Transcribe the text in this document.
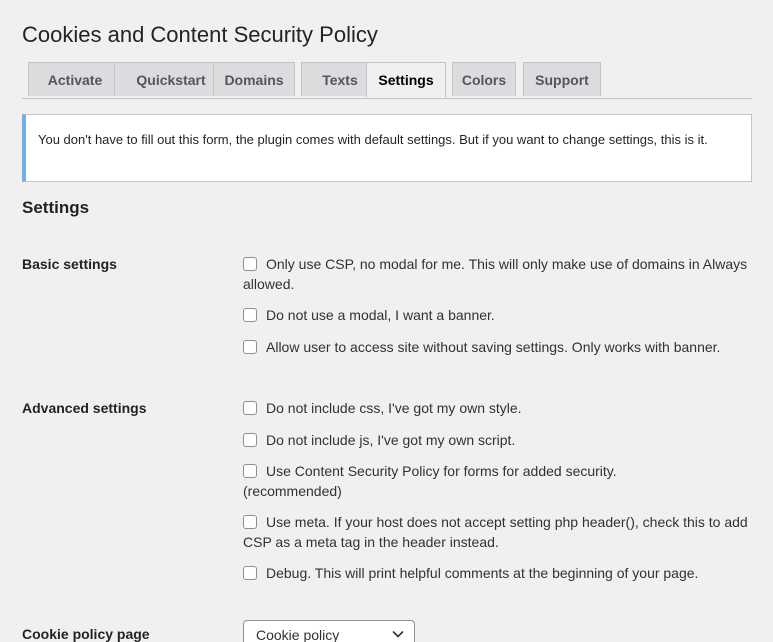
Cookies and Content Security Policy
Activate	Quickstart	Domains	Texts	Settings	Colors	Support
You don't have to fill out this form, the plugin comes with default settings. But if you want to change settings, this is it.
Settings
Basic settings	Only use CSP, no modal for me. This will only make use of domains in Always allowed.
Do not use a modal, I want a banner.
Allow user to access site without saving settings. Only works with banner.
Advanced settings	Do not include css, I've got my own style.
Do not include js, I've got my own script.
Use Content Security Policy for forms for added security. (recommended)
Use meta. If your host does not accept setting php header(), check this to add CSP as a meta tag in the header instead.
Debug. This will print helpful comments at the beginning of your page.
Cookie policy page	Cookie policy
